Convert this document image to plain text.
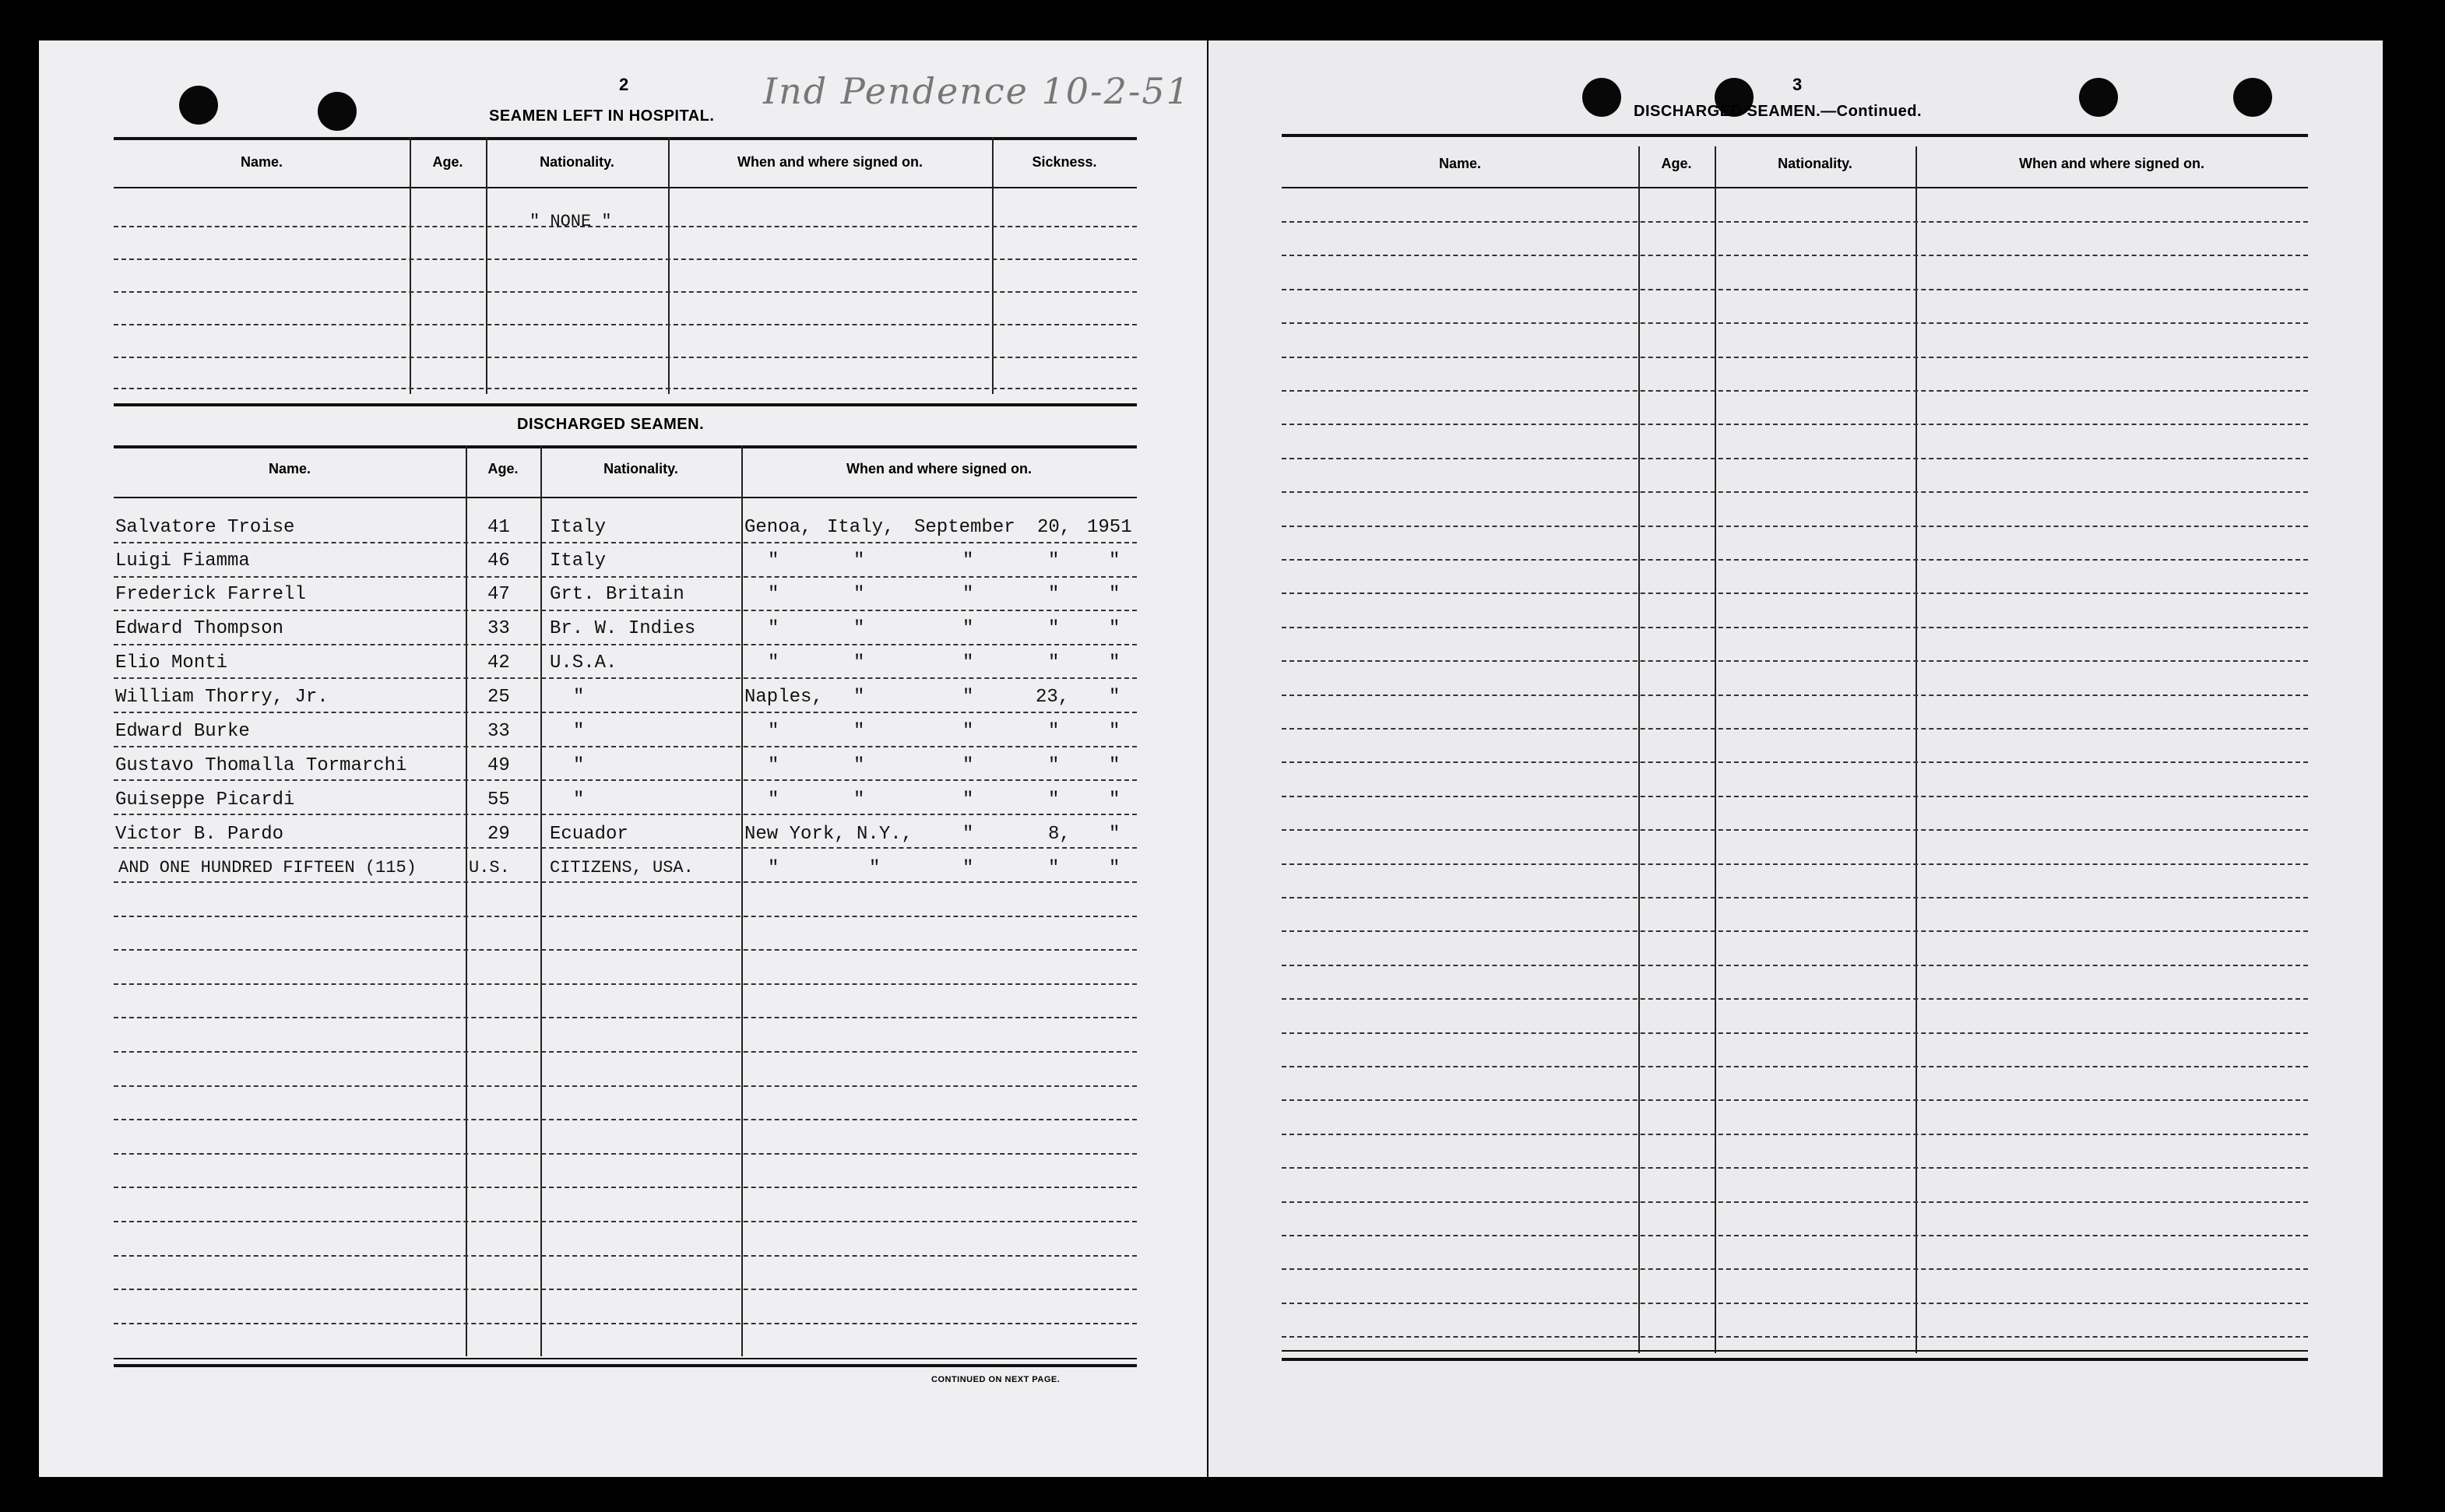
2
SEAMEN LEFT IN HOSPITAL.
Ind Pendence 10-2-51
Name.	Age.	Nationality.	When and where signed on.	Sickness.
" NONE "
DISCHARGED SEAMEN.
Name.	Age.	Nationality.	When and where signed on.
Salvatore Troise	41 Italy	Genoa, Italy, September 20, 1951
Luigi Fiamma	46 Italy	"	"	"	"	"
Frederick Farrell	47 Grt. Britain	"	"	"	"	"
Edward Thompson	33 Br. W. Indies	"	"	"	"	"
Elio Monti	42 U.S.A.	"	"	"	"	"
William Thorry, Jr.	25	"	Naples, "	"	23, "
Edward Burke	33	"	"	"	"	"	"
Gustavo Thomalla Tormarchi	49	"	"	"	"	"	"
Guiseppe Picardi	55	"	"	"	"	"	"
Victor B. Pardo	29 Ecuador	New York, N.Y.,	"	8, "
AND ONE HUNDRED FIFTEEN (115)	U.S. CITIZENS, USA.	"	"	"	"	"
CONTINUED ON NEXT PAGE.
3
DISCHARGED SEAMEN.—Continued.
Name.	Age.	Nationality.	When and where signed on.
